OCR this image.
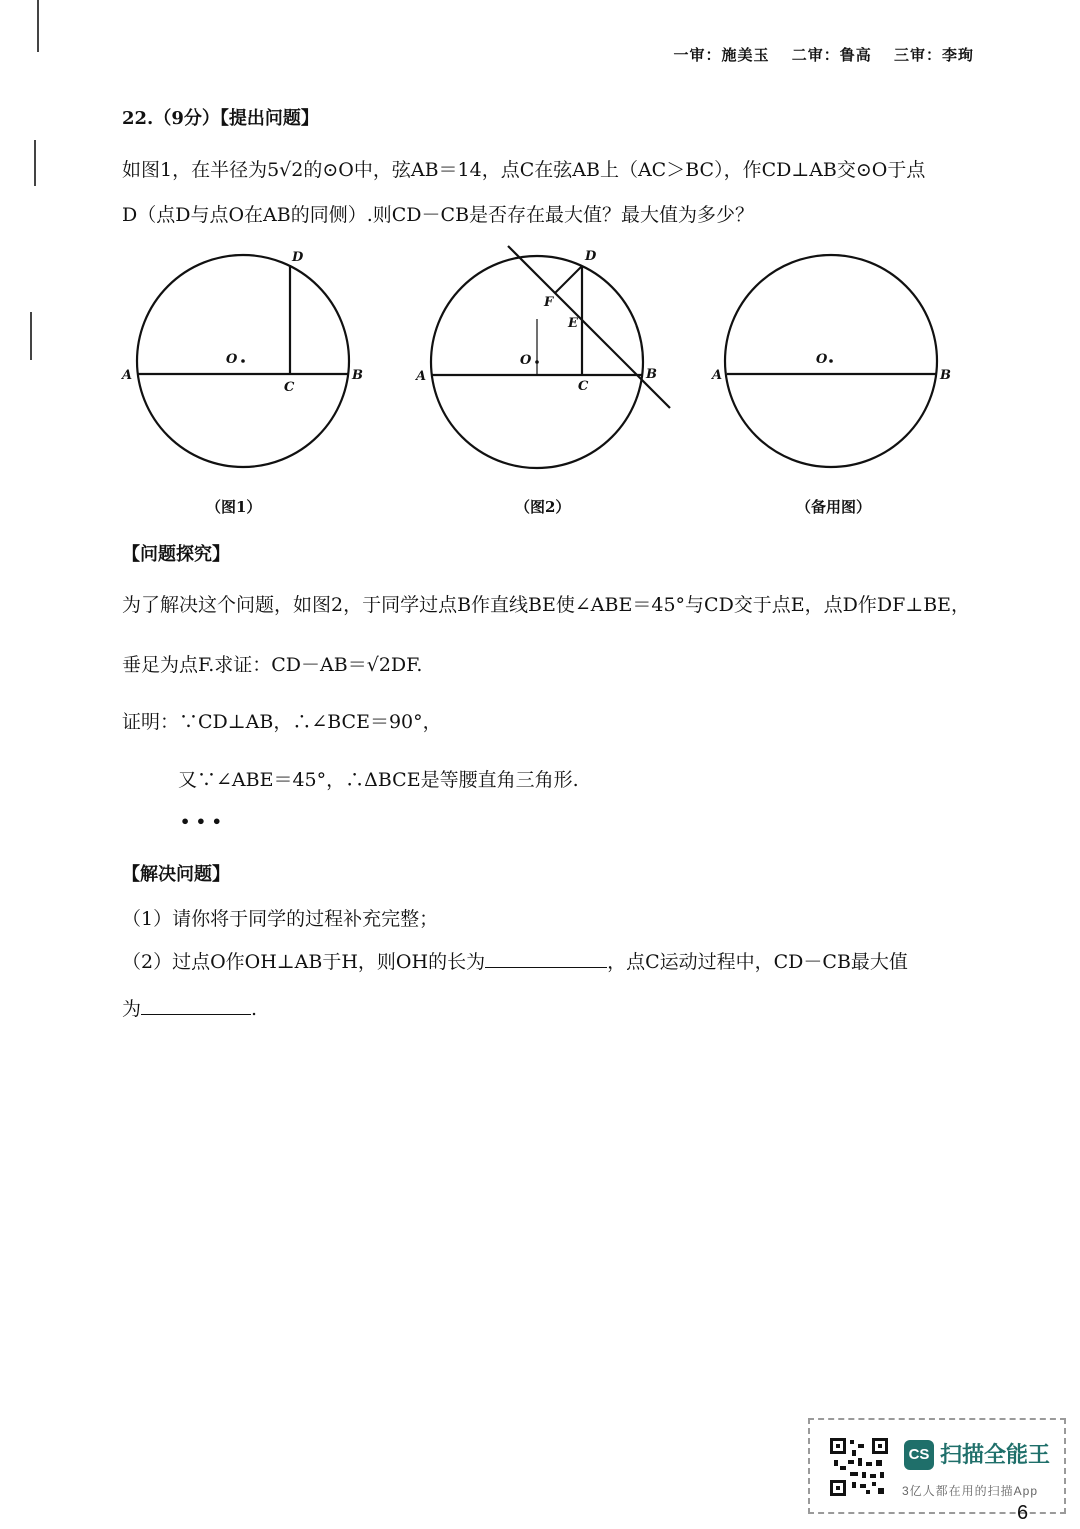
一审：施美玉 二审：鲁高 三审：李珣
22.（9分）【提出问题】
如图1，在半径为5√2的⊙O中，弦AB＝14，点C在弦AB上（AC＞BC），作CD⊥AB交⊙O于点
D（点D与点O在AB的同侧）.则CD－CB是否存在最大值？最大值为多少？
A	B
C
D
O
A	B
C
D
E
F
O
A	B
O
（图1）	（图2）	（备用图）
【问题探究】
为了解决这个问题，如图2，于同学过点B作直线BE使∠ABE＝45°与CD交于点E，点D作DF⊥BE，
垂足为点F.求证：CD－AB＝√2DF.
证明：∵CD⊥AB，∴∠BCE＝90°，
又∵∠ABE＝45°，∴ΔBCE是等腰直角三角形.
• • •
【解决问题】
（1）请你将于同学的过程补充完整；
（2）过点O作OH⊥AB于H，则OH的长为	，点C运动过程中，CD－CB最大值
为	.
CS 扫描全能王
3亿人都在用的扫描App
6
